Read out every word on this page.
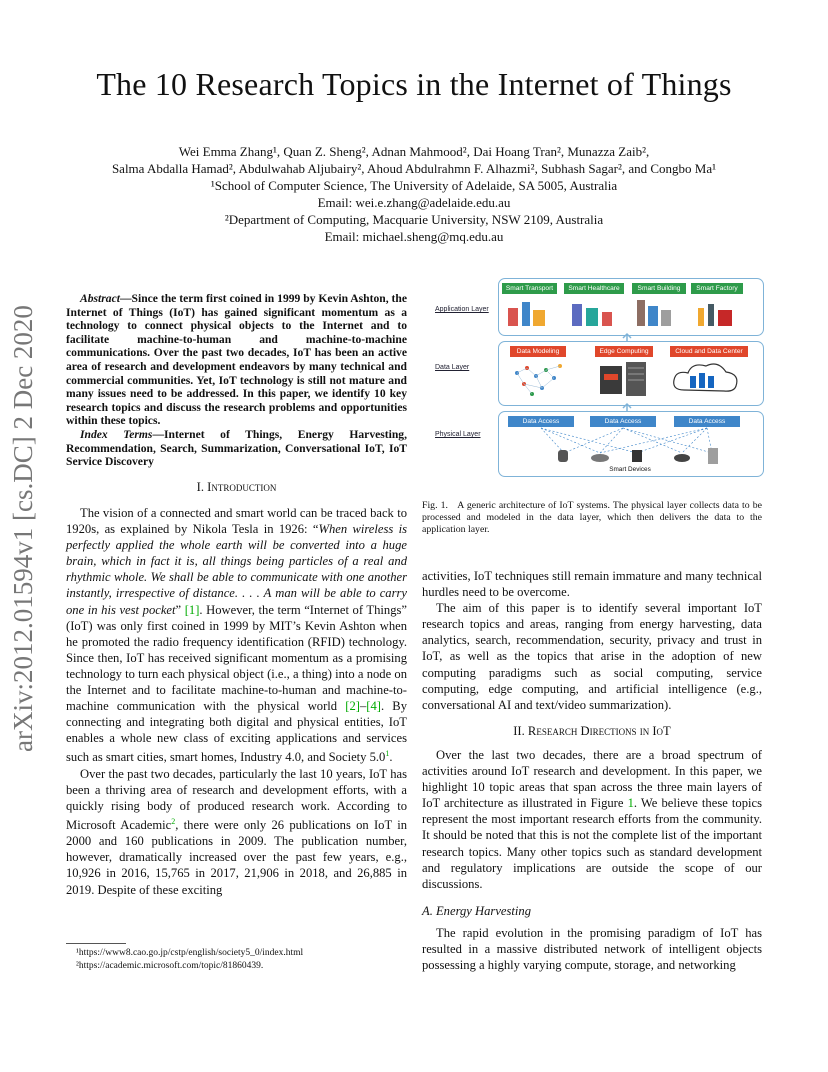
The 10 Research Topics in the Internet of Things
Wei Emma Zhang¹, Quan Z. Sheng², Adnan Mahmood², Dai Hoang Tran², Munazza Zaib²,
Salma Abdalla Hamad², Abdulwahab Aljubairy², Ahoud Abdulrahmn F. Alhazmi², Subhash Sagar², and Congbo Ma¹
¹School of Computer Science, The University of Adelaide, SA 5005, Australia
Email: wei.e.zhang@adelaide.edu.au
²Department of Computing, Macquarie University, NSW 2109, Australia
Email: michael.sheng@mq.edu.au
arXiv:2012.01594v1 [cs.DC] 2 Dec 2020

Abstract—Since the term first coined in 1999 by Kevin Ashton, the Internet of Things (IoT) has gained significant momentum as a technology to connect physical objects to the Internet and to facilitate machine-to-human and machine-to-machine communications. Over the past two decades, IoT has been an active area of research and development endeavors by many technical and commercial communities. Yet, IoT technology is still not mature and many issues need to be addressed. In this paper, we identify 10 key research topics and discuss the research problems and opportunities within these topics.

Index Terms—Internet of Things, Energy Harvesting, Recommendation, Search, Summarization, Conversational IoT, IoT Service Discovery

I. Introduction

The vision of a connected and smart world can be traced back to 1920s, as explained by Nikola Tesla in 1926: “When wireless is perfectly applied the whole earth will be converted into a huge brain, which in fact it is, all things being particles of a real and rhythmic whole. We shall be able to communicate with one another instantly, irrespective of distance. . . . A man will be able to carry one in his vest pocket” [1]. However, the term “Internet of Things” (IoT) was only first coined in 1999 by MIT’s Kevin Ashton when he promoted the radio frequency identification (RFID) technology. Since then, IoT has received significant momentum as a promising technology to turn each physical object (i.e., a thing) into a node on the Internet and to facilitate machine-to-human and machine-to-machine communication with the physical world [2]–[4]. By connecting and integrating both digital and physical entities, IoT enables a whole new class of exciting applications and services such as smart cities, smart homes, Industry 4.0, and Society 5.0$^1$.

Over the past two decades, particularly the last 10 years, IoT has been a thriving area of research and development efforts, with a quickly rising body of produced research work. According to Microsoft Academic$^2$, there were only 26 publications on IoT in 2000 and 160 publications in 2009. The publication number, however, dramatically increased over the past few years, e.g., 10,926 in 2016, 15,765 in 2017, 21,906 in 2018, and 26,885 in 2019. Despite of these exciting

¹https://www8.cao.go.jp/cstp/english/society5_0/index.html
²https://academic.microsoft.com/topic/81860439.
Application Layer
Data Layer
Physical Layer
Smart Transport	Smart Healthcare	Smart Building	Smart Factory
Data Modeling	Edge Computing	Cloud and Data Center
Data Access	Data Access	Data Access
Smart Devices
Fig. 1. A generic architecture of IoT systems. The physical layer collects data to be processed and modeled in the data layer, which then delivers the data to the application layer.

activities, IoT techniques still remain immature and many technical hurdles need to be overcome.

The aim of this paper is to identify several important IoT research topics and areas, ranging from energy harvesting, data analytics, search, recommendation, security, privacy and trust in IoT, as well as the topics that arise in the adoption of new computing paradigms such as social computing, service computing, edge computing, and artificial intelligence (e.g., conversational AI and text/video summarization).

II. Research Directions in IoT

Over the last two decades, there are a broad spectrum of activities around IoT research and development. In this paper, we highlight 10 topic areas that span across the three main layers of IoT architecture as illustrated in Figure 1. We believe these topics represent the most important research efforts from the community. It should be noted that this is not the complete list of the important research topics. Many other topics such as standard development and regulatory implications are outside the scope of our discussions.

A. Energy Harvesting

The rapid evolution in the promising paradigm of IoT has resulted in a massive distributed network of intelligent objects possessing a highly varying compute, storage, and networking
